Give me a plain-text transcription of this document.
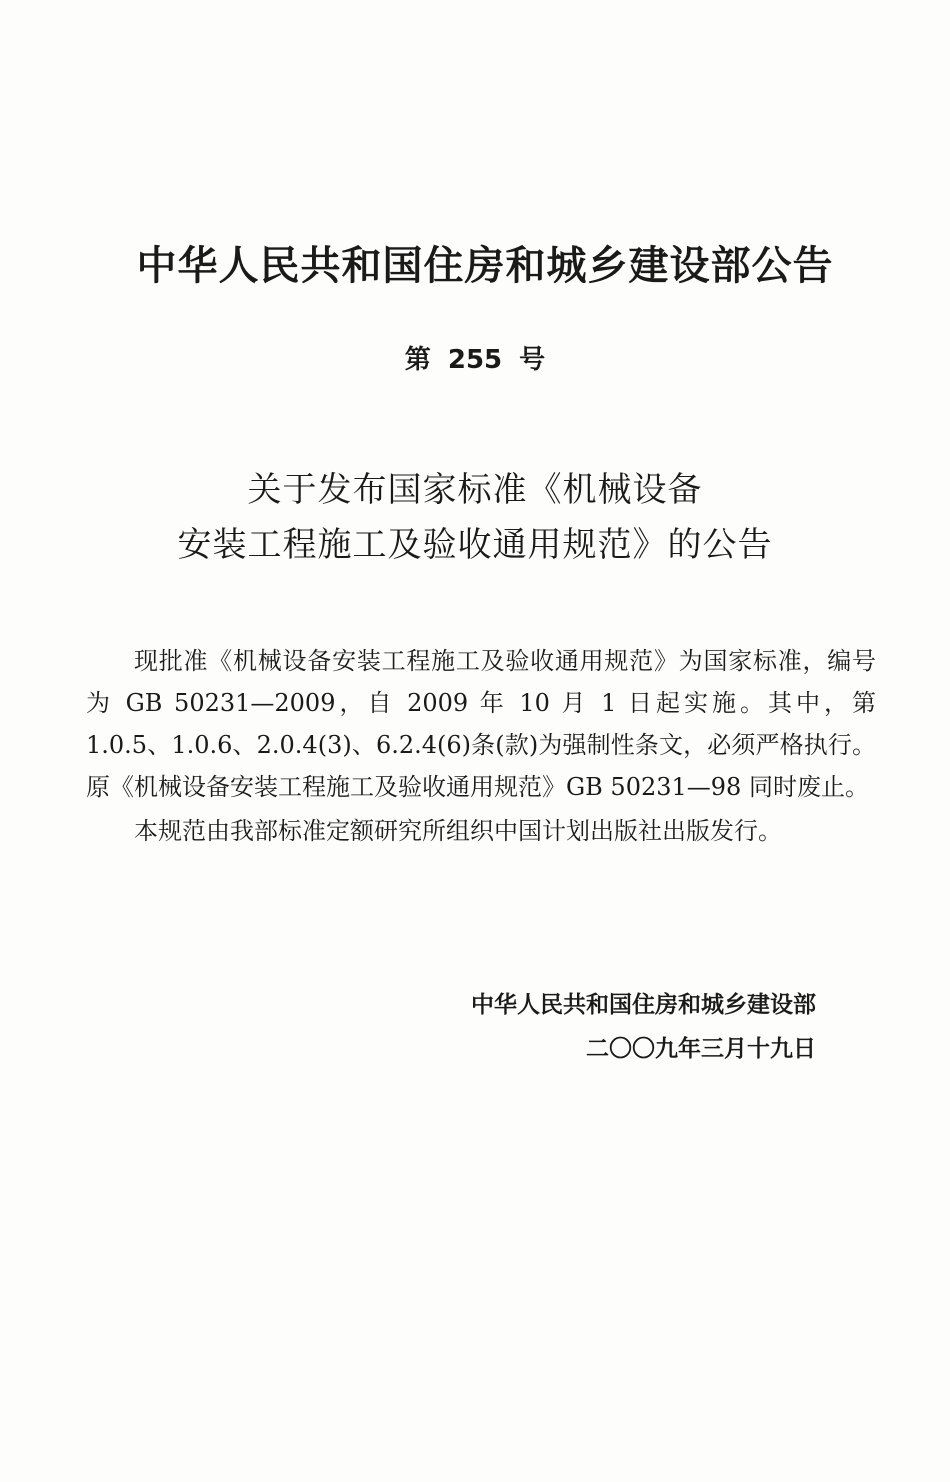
中华人民共和国住房和城乡建设部公告
第 255 号
关于发布国家标准《机械设备
安装工程施工及验收通用规范》的公告

现批准《机械设备安装工程施工及验收通用规范》为国家标准，编号为 GB 50231—2009，自 2009 年 10 月 1 日起实施。其中，第 1.0.5、1.0.6、2.0.4(3)、6.2.4(6)条(款)为强制性条文，必须严格执行。原《机械设备安装工程施工及验收通用规范》GB 50231—98 同时废止。

本规范由我部标准定额研究所组织中国计划出版社出版发行。

中华人民共和国住房和城乡建设部
二〇〇九年三月十九日
